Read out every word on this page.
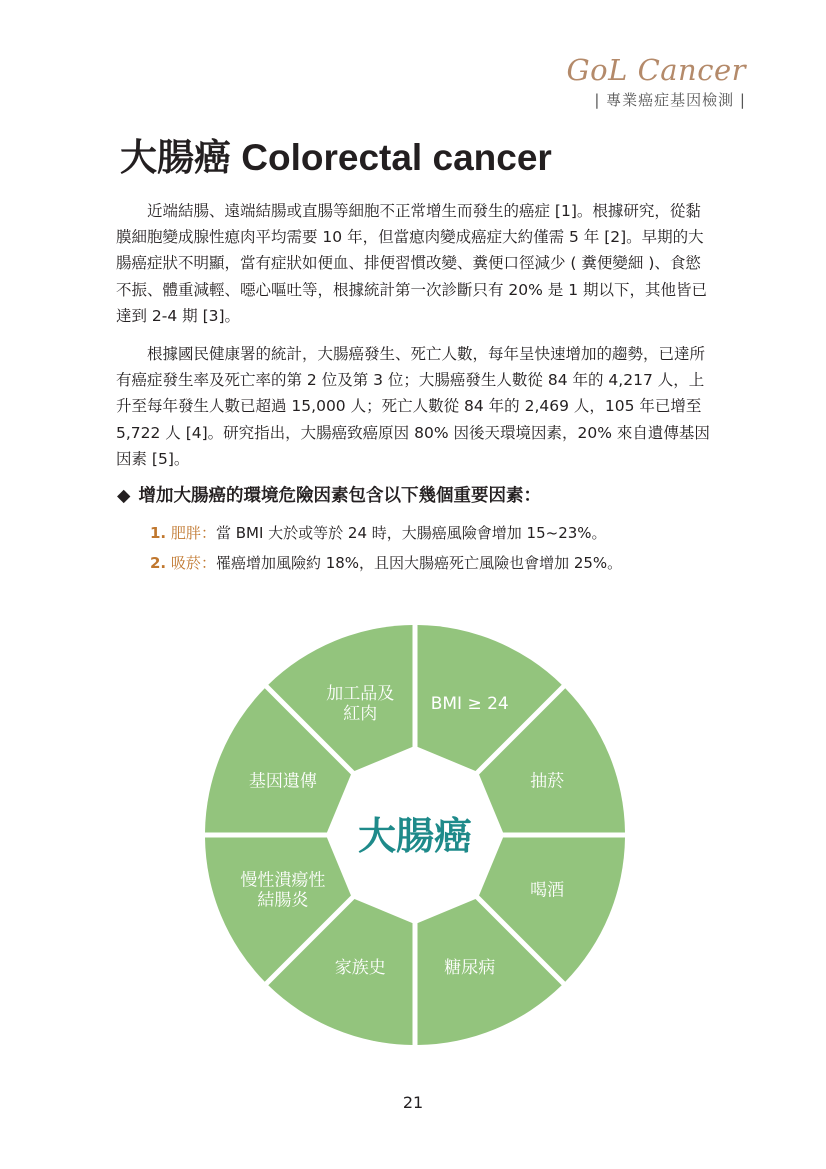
GoL Cancer
| 專業癌症基因檢測 |
大腸癌 Colorectal cancer

近端結腸、遠端結腸或直腸等細胞不正常增生而發生的癌症 [1]。根據研究，從黏膜細胞變成腺性瘜肉平均需要 10 年，但當瘜肉變成癌症大約僅需 5 年 [2]。早期的大腸癌症狀不明顯，當有症狀如便血、排便習慣改變、糞便口徑減少 ( 糞便變細 )、食慾不振、體重減輕、噁心嘔吐等，根據統計第一次診斷只有 20% 是 1 期以下，其他皆已達到 2-4 期 [3]。

根據國民健康署的統計，大腸癌發生、死亡人數，每年呈快速增加的趨勢，已達所有癌症發生率及死亡率的第 2 位及第 3 位；大腸癌發生人數從 84 年的 4,217 人，上升至每年發生人數已超過 15,000 人；死亡人數從 84 年的 2,469 人，105 年已增至 5,722 人 [4]。研究指出，大腸癌致癌原因 80% 因後天環境因素，20% 來自遺傳基因因素 [5]。

◆ 增加大腸癌的環境危險因素包含以下幾個重要因素：
1. 肥胖：當 BMI 大於或等於 24 時，大腸癌風險會增加 15~23%。
2. 吸菸：罹癌增加風險約 18%，且因大腸癌死亡風險也會增加 25%。
BMI ≥ 24
抽菸
喝酒
糖尿病
家族史
慢性潰瘍性結腸炎
基因遺傳
加工品及紅肉
大腸癌
21
